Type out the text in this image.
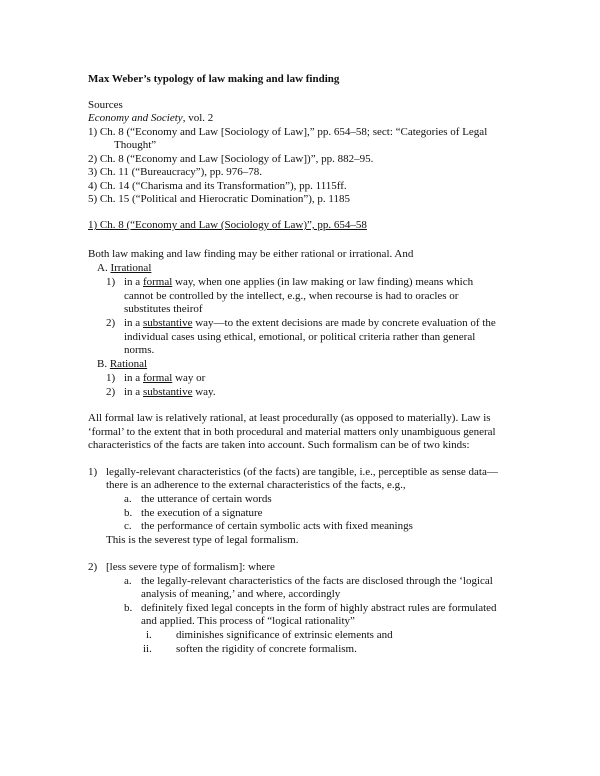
Max Weber’s typology of law making and law finding
Sources
Economy and Society, vol. 2
1) Ch. 8 (“Economy and Law [Sociology of Law],” pp. 654–58; sect: “Categories of Legal
Thought”
2) Ch. 8 (“Economy and Law [Sociology of Law])”, pp. 882–95.
3) Ch. 11 (“Bureaucracy”), pp. 976–78.
4) Ch. 14 (“Charisma and its Transformation”), pp. 1115ff.
5) Ch. 15 (“Political and Hierocratic Domination”), p. 1185
1) Ch. 8 (“Economy and Law (Sociology of Law)”, pp. 654–58
Both law making and law finding may be either rational or irrational. And
A. Irrational
1) in a formal way, when one applies (in law making or law finding) means which
cannot be controlled by the intellect, e.g., when recourse is had to oracles or
substitutes theirof
2) in a substantive way—to the extent decisions are made by concrete evaluation of the
individual cases using ethical, emotional, or political criteria rather than general
norms.
B. Rational
1) in a formal way or
2) in a substantive way.
All formal law is relatively rational, at least procedurally (as opposed to materially). Law is
‘formal’ to the extent that in both procedural and material matters only unambiguous general
characteristics of the facts are taken into account. Such formalism can be of two kinds:
1) legally-relevant characteristics (of the facts) are tangible, i.e., perceptible as sense data—
there is an adherence to the external characteristics of the facts, e.g.,
a. the utterance of certain words
b. the execution of a signature
c. the performance of certain symbolic acts with fixed meanings
This is the severest type of legal formalism.
2) [less severe type of formalism]: where
a. the legally-relevant characteristics of the facts are disclosed through the ‘logical
analysis of meaning,’ and where, accordingly
b. definitely fixed legal concepts in the form of highly abstract rules are formulated
and applied. This process of “logical rationality”
i. diminishes significance of extrinsic elements and
ii. soften the rigidity of concrete formalism.
